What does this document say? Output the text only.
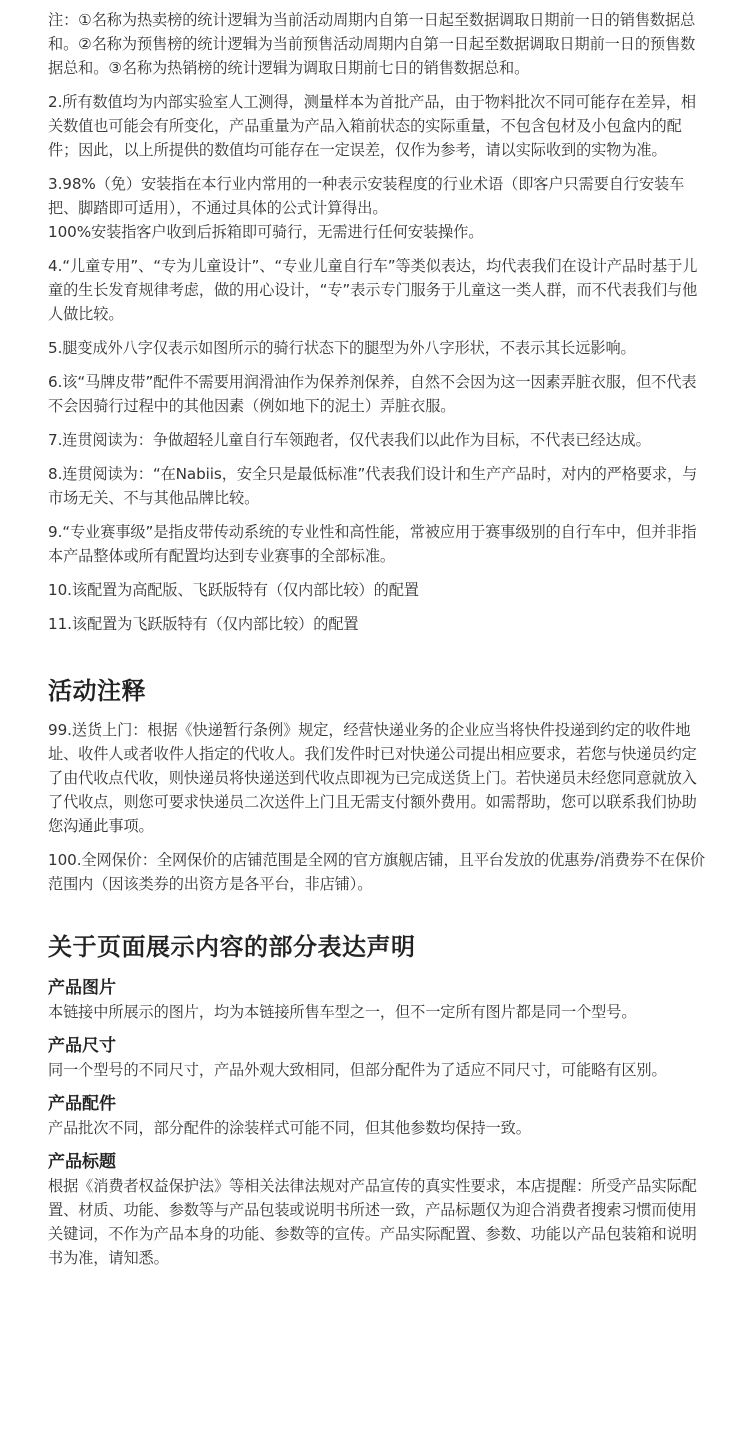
注：①名称为热卖榜的统计逻辑为当前活动周期内自第一日起至数据调取日期前一日的销售数据总和。②名称为预售榜的统计逻辑为当前预售活动周期内自第一日起至数据调取日期前一日的预售数据总和。③名称为热销榜的统计逻辑为调取日期前七日的销售数据总和。

2.所有数值均为内部实验室人工测得，测量样本为首批产品，由于物料批次不同可能存在差异，相关数值也可能会有所变化，产品重量为产品入箱前状态的实际重量，不包含包材及小包盒内的配件；因此，以上所提供的数值均可能存在一定误差，仅作为参考，请以实际收到的实物为准。

3.98%（免）安装指在本行业内常用的一种表示安装程度的行业术语（即客户只需要自行安装车把、脚踏即可适用），不通过具体的公式计算得出。

100%安装指客户收到后拆箱即可骑行，无需进行任何安装操作。

4.“儿童专用”、“专为儿童设计”、“专业儿童自行车”等类似表达，均代表我们在设计产品时基于儿童的生长发育规律考虑，做的用心设计，“专”表示专门服务于儿童这一类人群，而不代表我们与他人做比较。

5.腿变成外八字仅表示如图所示的骑行状态下的腿型为外八字形状，不表示其长远影响。

6.该“马牌皮带”配件不需要用润滑油作为保养剂保养，自然不会因为这一因素弄脏衣服，但不代表不会因骑行过程中的其他因素（例如地下的泥土）弄脏衣服。

7.连贯阅读为：争做超轻儿童自行车领跑者，仅代表我们以此作为目标，不代表已经达成。

8.连贯阅读为：“在Nabiis，安全只是最低标准”代表我们设计和生产产品时，对内的严格要求，与市场无关、不与其他品牌比较。

9.“专业赛事级”是指皮带传动系统的专业性和高性能，常被应用于赛事级别的自行车中，但并非指本产品整体或所有配置均达到专业赛事的全部标准。

10.该配置为高配版、飞跃版特有（仅内部比较）的配置

11.该配置为飞跃版特有（仅内部比较）的配置

活动注释

99.送货上门：根据《快递暂行条例》规定，经营快递业务的企业应当将快件投递到约定的收件地址、收件人或者收件人指定的代收人。我们发件时已对快递公司提出相应要求，若您与快递员约定了由代收点代收，则快递员将快递送到代收点即视为已完成送货上门。若快递员未经您同意就放入了代收点，则您可要求快递员二次送件上门且无需支付额外费用。如需帮助，您可以联系我们协助您沟通此事项。

100.全网保价：全网保价的店铺范围是全网的官方旗舰店铺，且平台发放的优惠券/消费券不在保价范围内（因该类券的出资方是各平台，非店铺）。

关于页面展示内容的部分表达声明
产品图片

本链接中所展示的图片，均为本链接所售车型之一，但不一定所有图片都是同一个型号。

产品尺寸

同一个型号的不同尺寸，产品外观大致相同，但部分配件为了适应不同尺寸，可能略有区别。

产品配件

产品批次不同，部分配件的涂装样式可能不同，但其他参数均保持一致。

产品标题

根据《消费者权益保护法》等相关法律法规对产品宣传的真实性要求，本店提醒：所受产品实际配置、材质、功能、参数等与产品包装或说明书所述一致，产品标题仅为迎合消费者搜索习惯而使用关键词，不作为产品本身的功能、参数等的宣传。产品实际配置、参数、功能以产品包装箱和说明书为准，请知悉。
